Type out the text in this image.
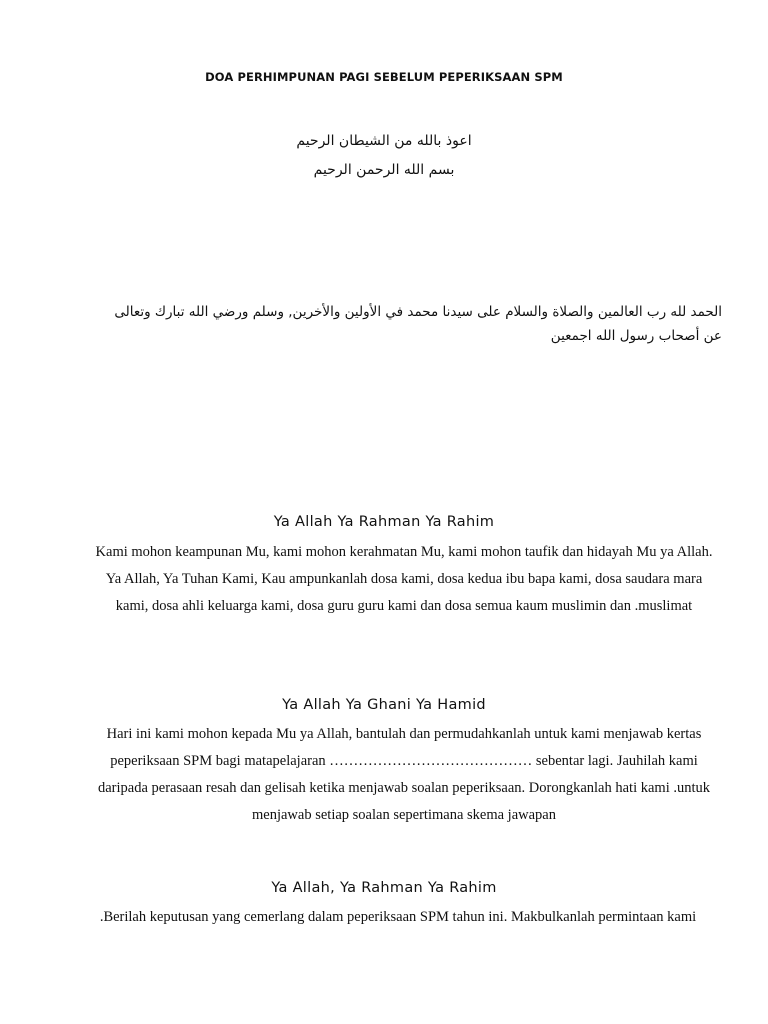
DOA PERHIMPUNAN PAGI SEBELUM PEPERIKSAAN SPM
اعوذ بالله من الشيطان الرحيم
بسم الله الرحمن الرحيم
الحمد لله رب العالمين والصلاة والسلام على سيدنا محمد في الأولين والأخرين, وسلم ورضي الله تبارك وتعالى عن أصحاب رسول الله اجمعين
Ya Allah Ya Rahman Ya Rahim
Kami mohon keampunan Mu, kami mohon kerahmatan Mu, kami mohon taufik dan hidayah Mu ya Allah. Ya Allah, Ya Tuhan Kami, Kau ampunkanlah dosa kami, dosa kedua ibu bapa kami, dosa saudara mara kami, dosa ahli keluarga kami, dosa guru guru kami dan dosa semua kaum muslimin dan .muslimat
Ya Allah Ya Ghani Ya Hamid
Hari ini kami mohon kepada Mu ya Allah, bantulah dan permudahkanlah untuk kami menjawab kertas peperiksaan SPM bagi matapelajaran …………………………………… sebentar lagi. Jauhilah kami daripada perasaan resah dan gelisah ketika menjawab soalan peperiksaan. Dorongkanlah hati kami .untuk menjawab setiap soalan sepertimana skema jawapan
Ya Allah, Ya Rahman Ya Rahim
.Berilah keputusan yang cemerlang dalam peperiksaan SPM tahun ini. Makbulkanlah permintaan kami
